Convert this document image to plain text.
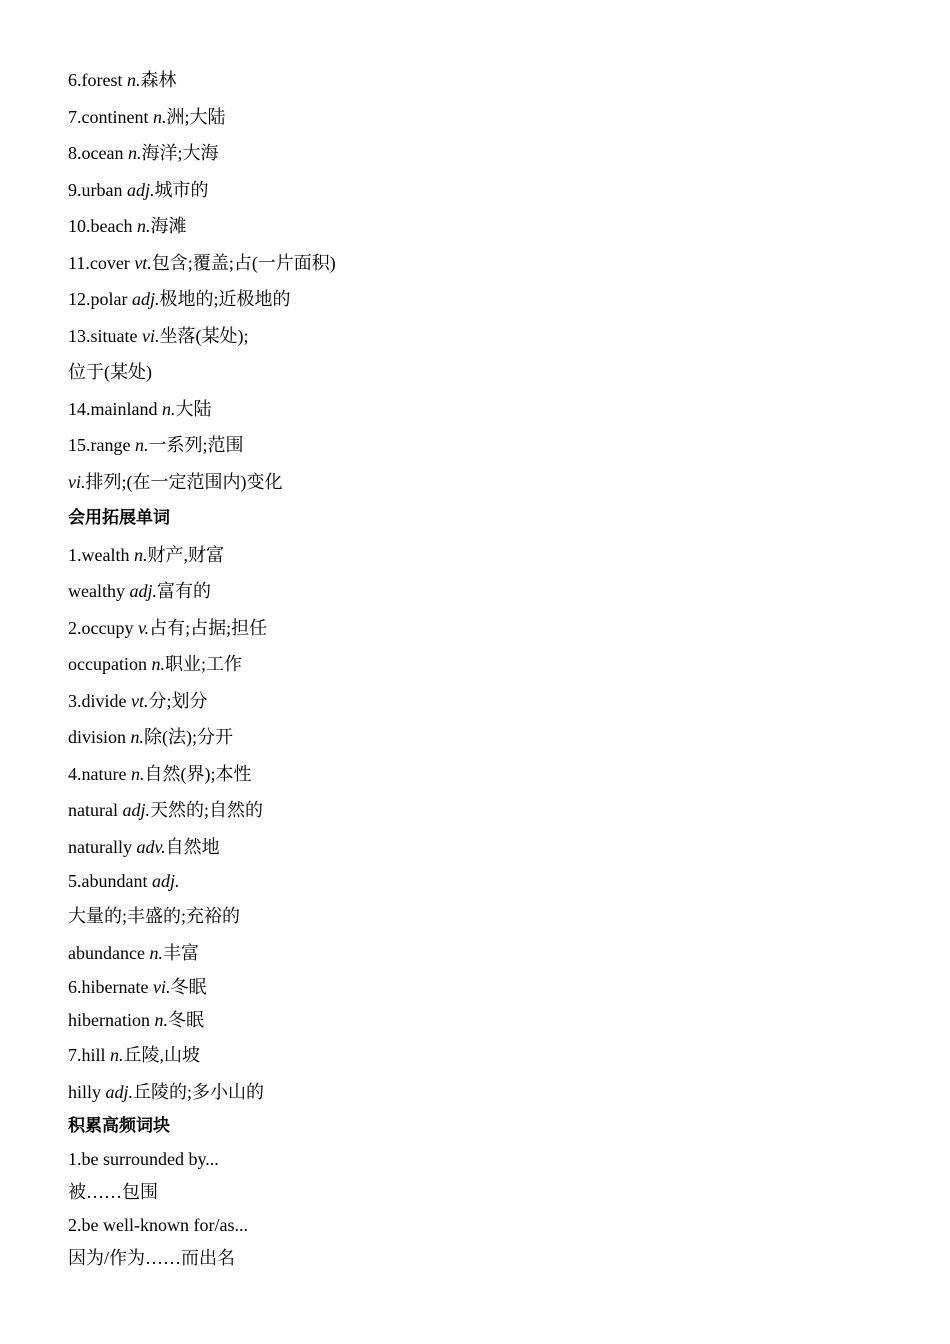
6.forest n.森林
7.continent n.洲;大陆
8.ocean n.海洋;大海
9.urban adj.城市的
10.beach n.海滩
11.cover vt.包含;覆盖;占(一片面积)
12.polar adj.极地的;近极地的
13.situate vi.坐落(某处);
位于(某处)
14.mainland n.大陆
15.range n.一系列;范围
vi.排列;(在一定范围内)变化
会用拓展单词
1.wealth n.财产,财富
wealthy adj.富有的
2.occupy v.占有;占据;担任
occupation n.职业;工作
3.divide vt.分;划分
division n.除(法);分开
4.nature n.自然(界);本性
natural adj.天然的;自然的
naturally adv.自然地
5.abundant adj.
大量的;丰盛的;充裕的
abundance n.丰富
6.hibernate vi.冬眠
hibernation n.冬眠
7.hill n.丘陵,山坡
hilly adj.丘陵的;多小山的
积累高频词块
1.be surrounded by...
被……包围
2.be well-known for/as...
因为/作为……而出名
